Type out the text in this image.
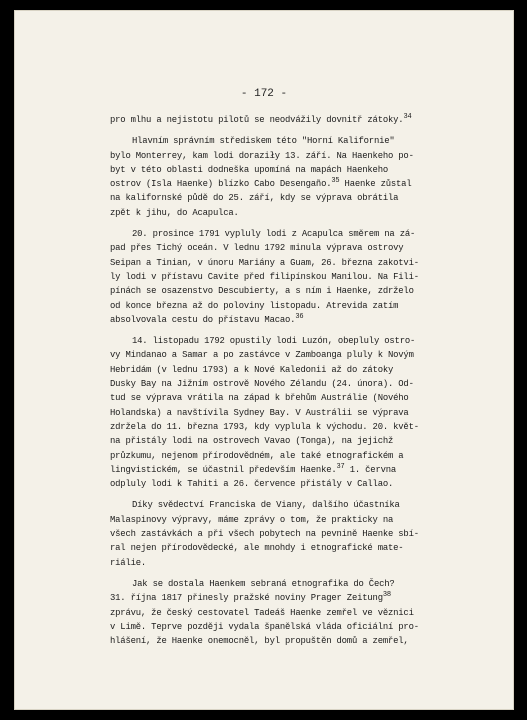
- 172 -

pro mlhu a nejistotu pilotů se neodvážily dovnitř zátoky.$^{34}$

Hlavním správním střediskem této "Horní Kalifornie"
bylo Monterrey, kam lodi doraziły 13. září. Na Haenkeho po-
byt v této oblasti dodneška upomíná na mapách Haenkeho
ostrov (Isla Haenke) blízko Cabo Desengaño.$^{35}$ Haenke zůstal
na kalifornské půdě do 25. září, kdy se výprava obrátila
zpět k jihu, do Acapulca.

20. prosince 1791 vypluly lodi z Acapulca směrem na zá-
pad přes Tichý oceán. V lednu 1792 minula výprava ostrovy
Seipan a Tinian, v únoru Mariány a Guam, 26. března zakotvi-
ly lodi v přístavu Cavite před filipínskou Manilou. Na Fili-
pínách se osazenstvo Descubierty, a s ním i Haenke, zdrželo
od konce března až do poloviny listopadu. Atrevida zatím
absolvovala cestu do přístavu Macao.$^{36}$

14. listopadu 1792 opustily lodi Luzón, obepluly ostro-
vy Mindanao a Samar a po zastávce v Zamboanga pluly k Novým
Hebridám (v lednu 1793) a k Nové Kaledonii až do zátoky
Dusky Bay na Jižním ostrově Nového Zélandu (24. února). Od-
tud se výprava vrátila na západ k břehům Austrálie (Nového
Holandska) a navštívila Sydney Bay. V Austrálii se výprava
zdržela do 11. března 1793, kdy vyplula k východu. 20. květ-
na přistály lodi na ostrovech Vavao (Tonga), na jejichž
průzkumu, nejenom přírodovědném, ale také etnografickém a
lingvistickém, se účastnil především Haenke.$^{37}$ 1. června
odpluly lodi k Tahiti a 26. července přistály v Callao.

Díky svědectví Franciska de Viany, dalšího účastníka
Malaspinovy výpravy, máme zprávy o tom, že prakticky na
všech zastávkách a při všech pobytech na pevnině Haenke sbí-
ral nejen přírodovědecké, ale mnohdy i etnografické mate-
riálie.

Jak se dostala Haenkem sebraná etnografika do Čech?
31. října 1817 přinesly pražské noviny Prager Zeitung$^{38}$
zprávu, že český cestovatel Tadeáš Haenke zemřel ve věznici
v Limě. Teprve později vydala španělská vláda oficiální pro-
hlášení, že Haenke onemocněl, byl propuštěn domů a zemřel,
